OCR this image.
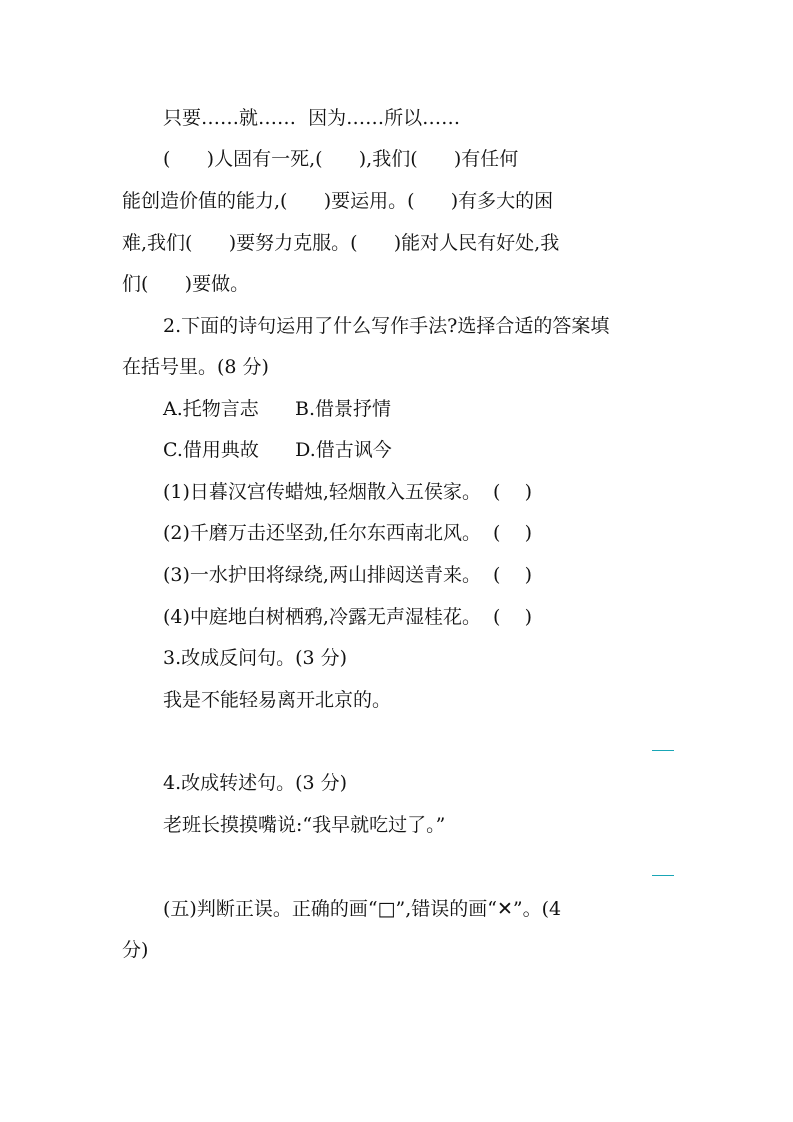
只要……就……  因为……所以……
(      )人固有一死,(      ),我们(      )有任何
能创造价值的能力,(      )要运用。(      )有多大的困
难,我们(      )要努力克服。(      )能对人民有好处,我
们(      )要做。
2.下面的诗句运用了什么写作手法?选择合适的答案填
在括号里。(8 分)
A.托物言志      B.借景抒情
C.借用典故      D.借古讽今
(1)日暮汉宫传蜡烛,轻烟散入五侯家。  (    )
(2)千磨万击还坚劲,任尔东西南北风。  (    )
(3)一水护田将绿绕,两山排闼送青来。  (    )
(4)中庭地白树栖鸦,冷露无声湿桂花。  (    )
3.改成反问句。(3 分)
我是不能轻易离开北京的。
4.改成转述句。(3 分)
老班长摸摸嘴说:“我早就吃过了。”
(五)判断正误。正确的画“□”,错误的画“✕”。(4
分)
